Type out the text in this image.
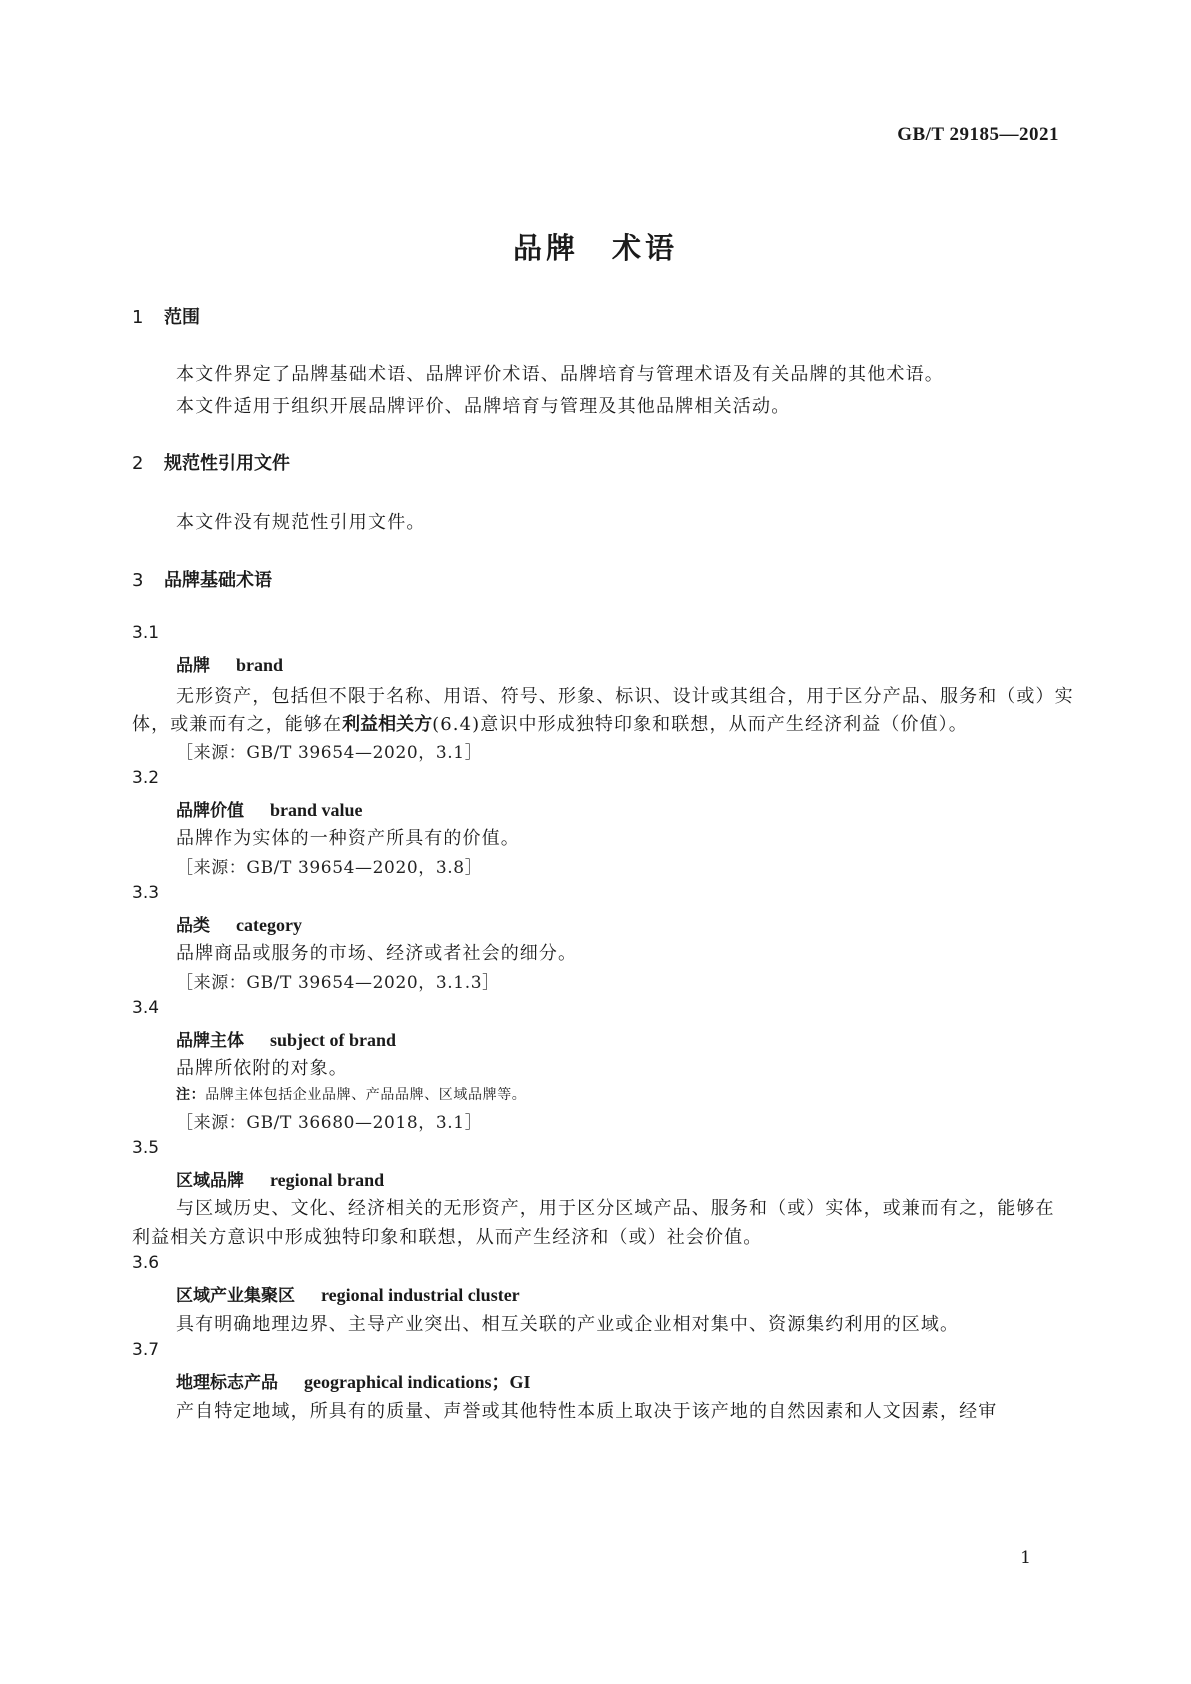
GB/T 29185—2021
品牌　术语
1 范围
本文件界定了品牌基础术语、品牌评价术语、品牌培育与管理术语及有关品牌的其他术语。
本文件适用于组织开展品牌评价、品牌培育与管理及其他品牌相关活动。
2 规范性引用文件
本文件没有规范性引用文件。
3 品牌基础术语
3.1
品牌 brand
无形资产，包括但不限于名称、用语、符号、形象、标识、设计或其组合，用于区分产品、服务和（或）实
体，或兼而有之，能够在利益相关方(6.4)意识中形成独特印象和联想，从而产生经济利益（价值）。
［来源：GB/T 39654—2020，3.1］
3.2
品牌价值 brand value
品牌作为实体的一种资产所具有的价值。
［来源：GB/T 39654—2020，3.8］
3.3
品类 category
品牌商品或服务的市场、经济或者社会的细分。
［来源：GB/T 39654—2020，3.1.3］
3.4
品牌主体 subject of brand
品牌所依附的对象。
注：品牌主体包括企业品牌、产品品牌、区域品牌等。
［来源：GB/T 36680—2018，3.1］
3.5
区域品牌 regional brand
与区域历史、文化、经济相关的无形资产，用于区分区域产品、服务和（或）实体，或兼而有之，能够在
利益相关方意识中形成独特印象和联想，从而产生经济和（或）社会价值。
3.6
区域产业集聚区 regional industrial cluster
具有明确地理边界、主导产业突出、相互关联的产业或企业相对集中、资源集约利用的区域。
3.7
地理标志产品 geographical indications；GI
产自特定地域，所具有的质量、声誉或其他特性本质上取决于该产地的自然因素和人文因素，经审
1
